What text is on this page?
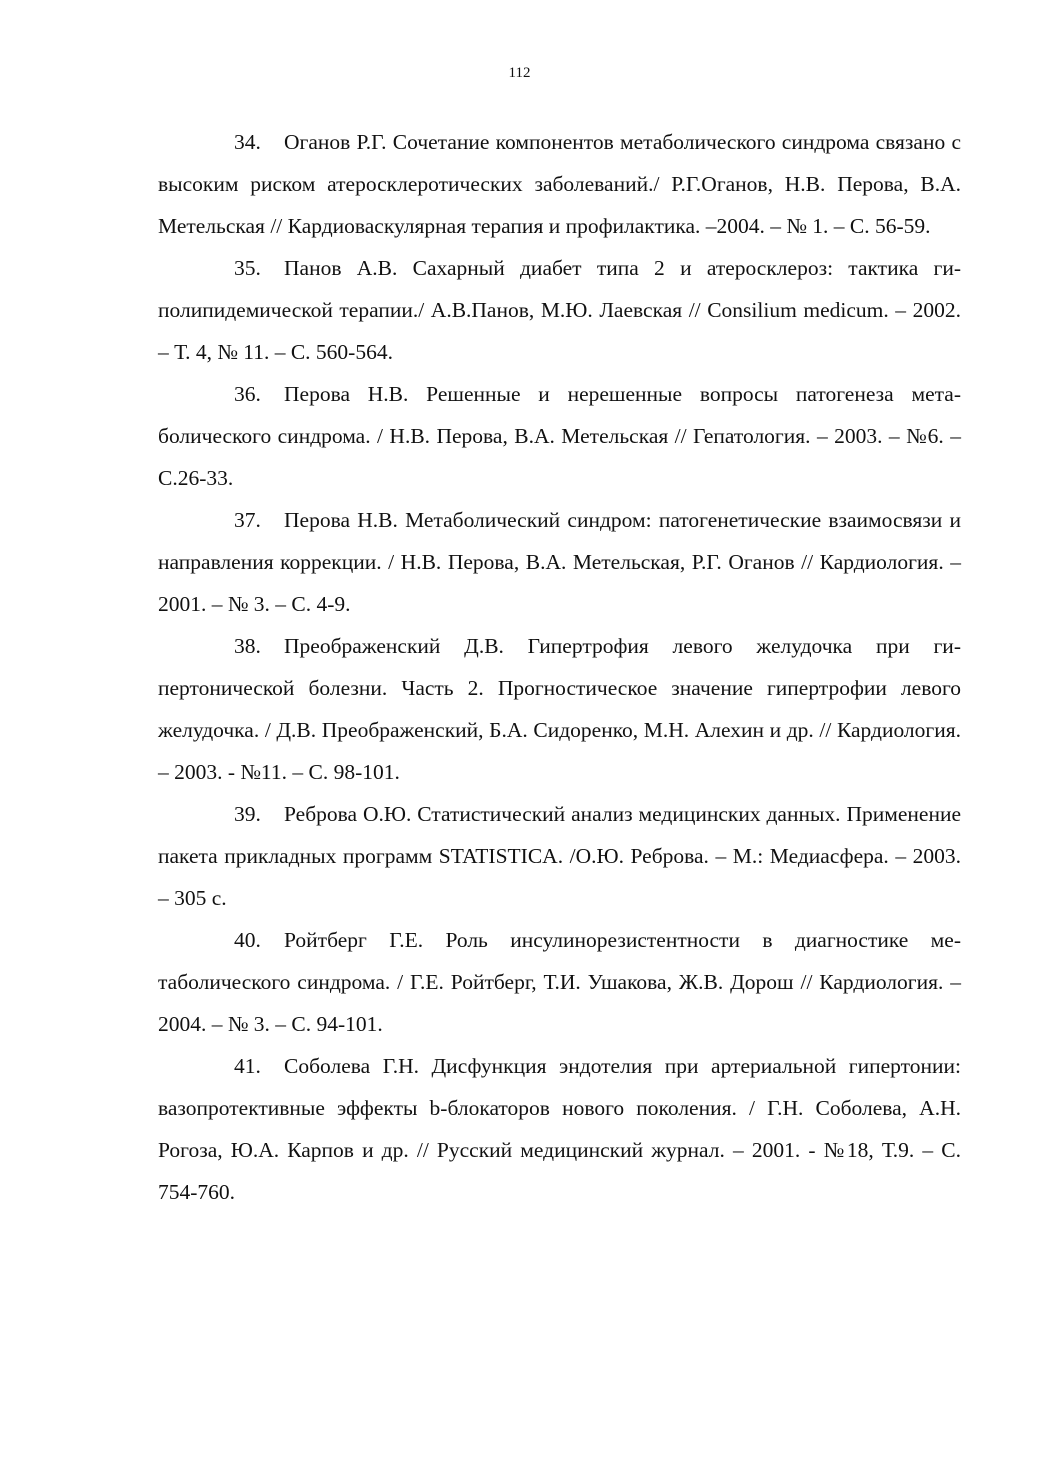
112

34. Оганов Р.Г. Сочетание компонентов метаболического синдрома связано с высоким риском атеросклеротических заболеваний./ Р.Г.Оганов, Н.В. Перова, В.А. Метельская // Кардиоваскулярная терапия и профилактика. –2004. – № 1. – С. 56-59.

35. Панов А.В. Сахарный диабет типа 2 и атеросклероз: тактика гиполипидемической терапии./ А.В.Панов, М.Ю. Лаевская // Consilium medicum. – 2002. – Т. 4, № 11. – С. 560-564.

36. Перова Н.В. Решенные и нерешенные вопросы патогенеза метаболического синдрома. / Н.В. Перова, В.А. Метельская // Гепатология. – 2003. – №6. – С.26-33.

37. Перова Н.В. Метаболический синдром: патогенетические взаимосвязи и направления коррекции. / Н.В. Перова, В.А. Метельская, Р.Г. Оганов // Кардиология. –2001. – № 3. – С. 4-9.

38. Преображенский Д.В. Гипертрофия левого желудочка при гипертонической болезни. Часть 2. Прогностическое значение гипертрофии левого желудочка. / Д.В. Преображенский, Б.А. Сидоренко, М.Н. Алехин и др. // Кардиология. – 2003. - №11. – С. 98-101.

39. Реброва О.Ю. Статистический анализ медицинских данных. Применение пакета прикладных программ STATISTICA. /О.Ю. Реброва. – М.: Медиасфера. – 2003. – 305 с.

40. Ройтберг Г.Е. Роль инсулинорезистентности в диагностике метаболического синдрома. / Г.Е. Ройтберг, Т.И. Ушакова, Ж.В. Дорош // Кардиология. – 2004. – № 3. – С. 94-101.

41. Соболева Г.Н. Дисфункция эндотелия при артериальной гипертонии: вазопротективные эффекты b-блокаторов нового поколения. / Г.Н. Соболева, А.Н. Рогоза, Ю.А. Карпов и др. // Русский медицинский журнал. – 2001. - №18, Т.9. – С. 754-760.
